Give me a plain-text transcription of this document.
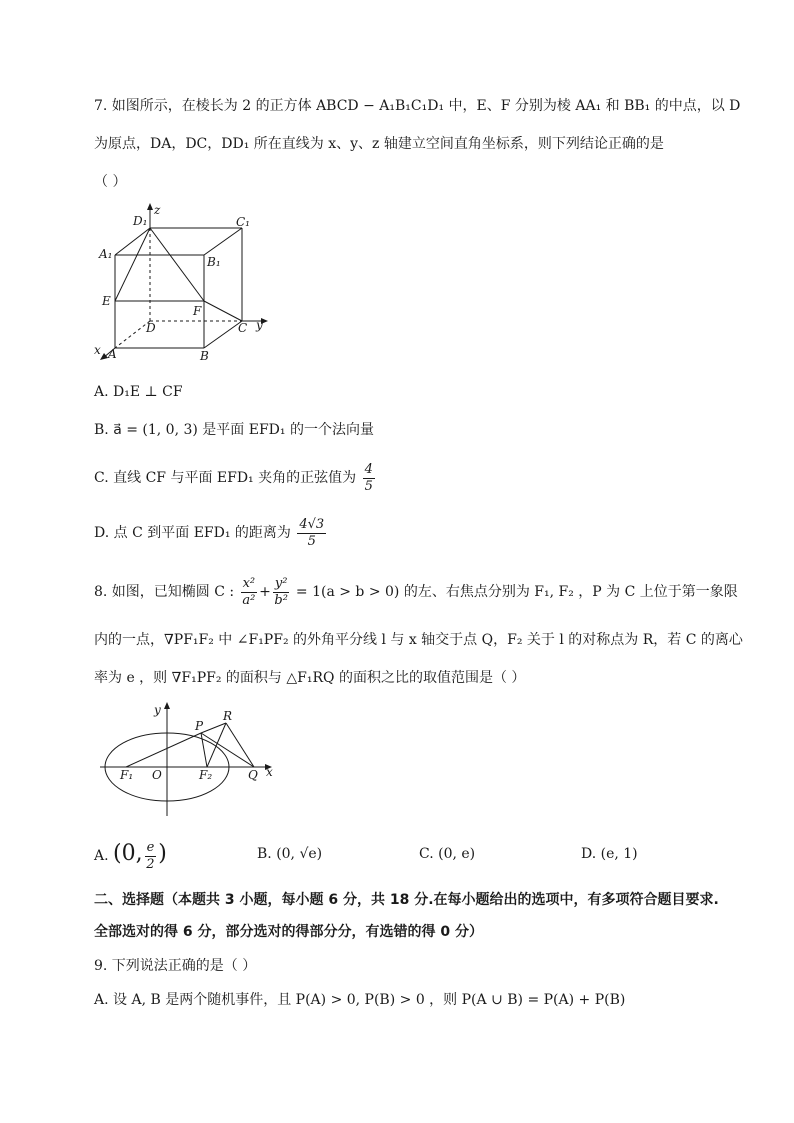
7. 如图所示，在棱长为 2 的正方体 ABCD − A₁B₁C₁D₁ 中，E、F 分别为棱 AA₁ 和 BB₁ 的中点，以 D
为原点，DA，DC，DD₁ 所在直线为 x、y、z 轴建立空间直角坐标系，则下列结论正确的是
（ ）
D₁
z
C₁
A₁
B₁
E
F
D	C y
x A	B
A. D₁E ⊥ CF
B. a⃗ = (1, 0, 3) 是平面 EFD₁ 的一个法向量
C. 直线 CF 与平面 EFD₁ 夹角的正弦值为 $\frac{4}{5}$
D. 点 C 到平面 EFD₁ 的距离为 $\frac{4√3}{5}$
8. 如图，已知椭圆 C : $\frac{\text{x²}}{\text{a²}} + \frac{\text{y²}}{\text{b²}} = 1(a > b > 0)$ 的左、右焦点分别为 F₁, F₂ ，P 为 C 上位于第一象限
内的一点，∇PF₁F₂ 中 ∠F₁PF₂ 的外角平分线 l 与 x 轴交于点 Q，F₂ 关于 l 的对称点为 R，若 C 的离心
率为 e ，则 ∇F₁PF₂ 的面积与 △F₁RQ 的面积之比的取值范围是（ ）
y
P
R
F₁ O	F₂	Q x
A. (0, $\frac{e}{2}$ )	B. (0, √e)	C. (0, e)	D. (e, 1)
二、选择题（本题共 3 小题，每小题 6 分，共 18 分.在每小题给出的选项中，有多项符合题目要求.
全部选对的得 6 分，部分选对的得部分分，有选错的得 0 分）
9. 下列说法正确的是（ ）
A. 设 A, B 是两个随机事件，且 P(A) > 0, P(B) > 0 ，则 P(A ∪ B) = P(A) + P(B)
